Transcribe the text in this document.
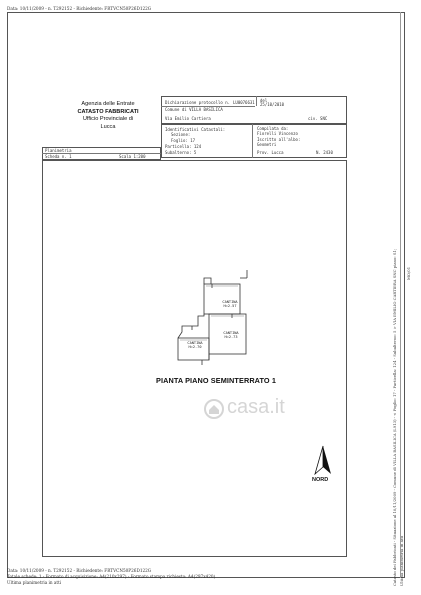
Data: 10/11/2009 - n. T292152 - Richiedente: FRTVCN50P26D122G
Agenzia delle Entrate
CATASTO FABBRICATI
Ufficio Provinciale di
Lucca
Dichiarazione protocollo n. LU0076631 del
25/10/2010
Comune di VILLA BASILICA
Via Emilio Cartiera	civ. SNC
Identificativi Catastali:
Sezione:
Foglio: 17
Particella: 124
Subalterno: 5
Compilata da:
Fiorelli Vincenzo
Iscritto all'albo:
Geometri
Prov. Lucca	N. 2430
Planimetria
Scheda n. 1	Scala 1:200
CANTINA
H=2.57
CANTINA
H=2.73
CANTINA
H=2.70
PIANTA PIANO SEMINTERRATO 1
casa.it
NORD
Ultima planimetria in atti
Catasto dei Fabbricati - Situazione al 10/11/2009 - Comune di VILLA BASILICA (L913) - < Foglio: 17 - Particella: 124 - Subalterno: 5 > VIA EMILIO CARTIERA SNC piano: S1; MO/01
Data: 10/11/2009 - n. T292152 - Richiedente: FRTVCN50P26D122G
Totale schede: 1 - Formato di acquisizione: A4(210x297) - Formato stampa richiesto: A4(297x420)
Ultima planimetria in atti
